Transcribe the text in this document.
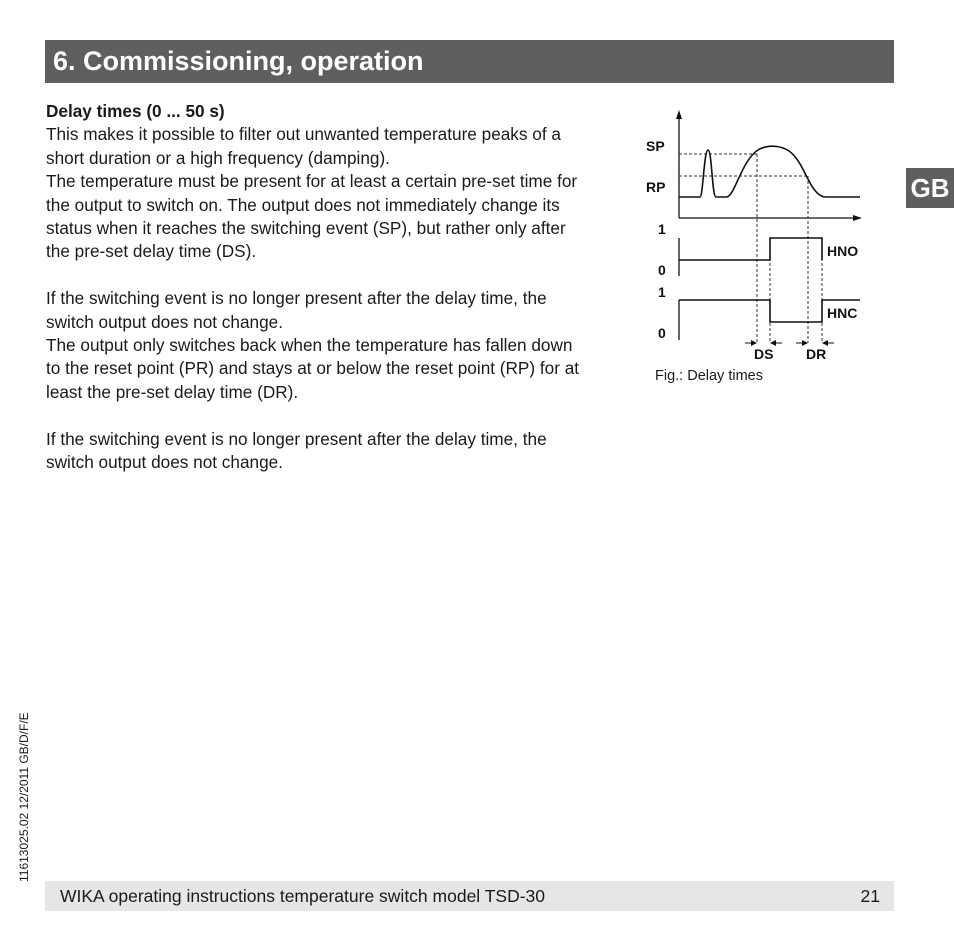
6. Commissioning, operation
GB

Delay times (0 ... 50 s)

This makes it possible to filter out unwanted temperature peaks of a

short duration or a high frequency (damping).

The temperature must be present for at least a certain pre-set time for

the output to switch on. The output does not immediately change its

status when it reaches the switching event (SP), but rather only after

the pre-set delay time (DS).

If the switching event is no longer present after the delay time, the

switch output does not change.

The output only switches back when the temperature has fallen down

to the reset point (PR) and stays at or below the reset point (RP) for at

least the pre-set delay time (DR).

If the switching event is no longer present after the delay time, the

switch output does not change.

SP
RP
1
0
1
0
HNO
HNC
DS DR
Fig.: Delay times
11613025.02 12/2011 GB/D/F/E
WIKA operating instructions temperature switch model TSD-30	21
